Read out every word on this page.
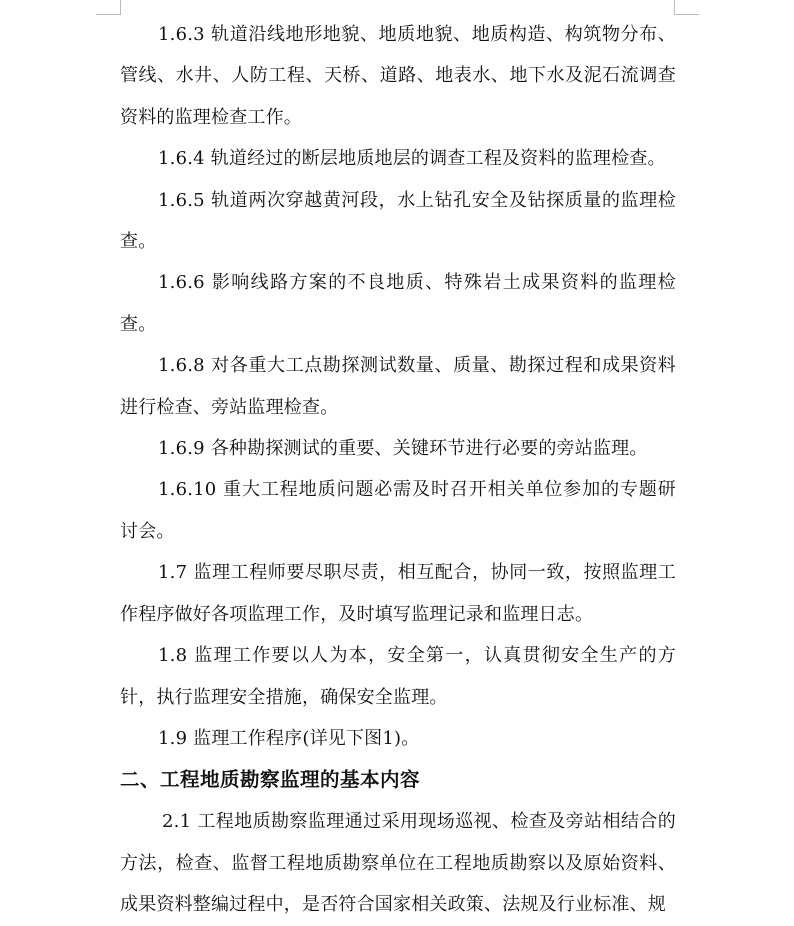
1.6.3 轨道沿线地形地貌、地质地貌、地质构造、构筑物分布、管线、水井、人防工程、天桥、道路、地表水、地下水及泥石流调查资料的监理检查工作。

1.6.4 轨道经过的断层地质地层的调查工程及资料的监理检查。

1.6.5 轨道两次穿越黄河段，水上钻孔安全及钻探质量的监理检查。

1.6.6 影响线路方案的不良地质、特殊岩土成果资料的监理检查。

1.6.8 对各重大工点勘探测试数量、质量、勘探过程和成果资料进行检查、旁站监理检查。

1.6.9 各种勘探测试的重要、关键环节进行必要的旁站监理。

1.6.10 重大工程地质问题必需及时召开相关单位参加的专题研讨会。

1.7 监理工程师要尽职尽责，相互配合，协同一致，按照监理工作程序做好各项监理工作，及时填写监理记录和监理日志。

1.8 监理工作要以人为本，安全第一，认真贯彻安全生产的方针，执行监理安全措施，确保安全监理。

1.9 监理工作程序(详见下图1)。

二、工程地质勘察监理的基本内容

2.1 工程地质勘察监理通过采用现场巡视、检查及旁站相结合的方法，检查、监督工程地质勘察单位在工程地质勘察以及原始资料、成果资料整编过程中，是否符合国家相关政策、法规及行业标准、规
